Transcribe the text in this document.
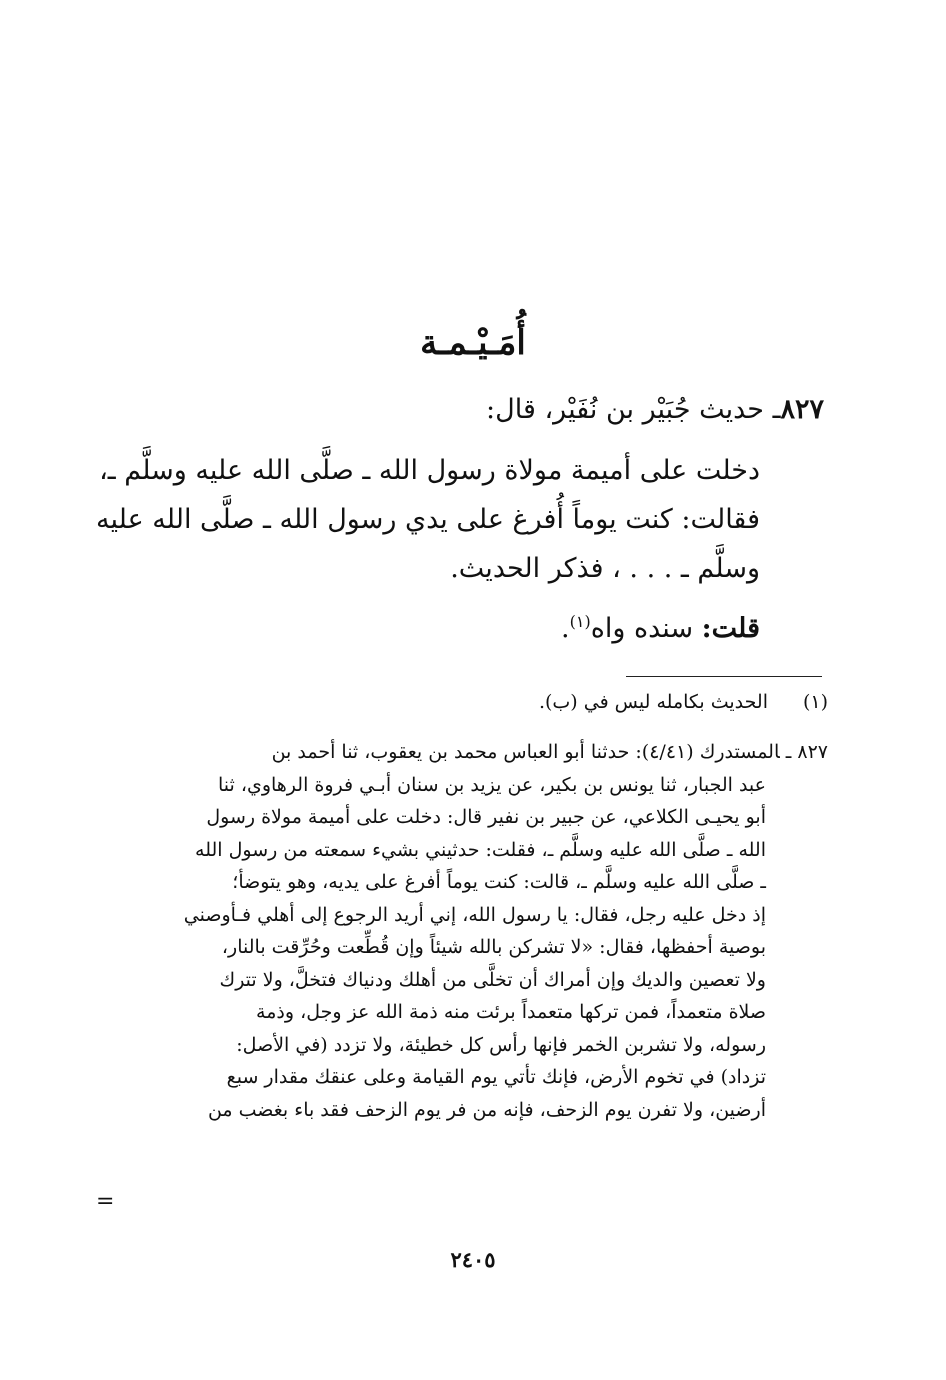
أُمَـيْـمـة
٨٢٧ـ حديث جُبَيْر بن نُفَيْر، قال:

دخلت على أميمة مولاة رسول الله ـ صلَّى الله عليه وسلَّم ـ،

فقالت: كنت يوماً أُفرغ على يدي رسول الله ـ صلَّى الله عليه

وسلَّم ـ . . . ، فذكر الحديث.

قلت: سنده واه$^{(١)}$.
(١)الحديث بكامله ليس في (ب).

٨٢٧ ـالمستدرك (٤/٤١): حدثنا أبو العباس محمد بن يعقوب، ثنا أحمد بن

عبد الجبار، ثنا يونس بن بكير، عن يزيد بن سنان أبـي فروة الرهاوي، ثنا

أبو يحيـى الكلاعي، عن جبير بن نفير قال: دخلت على أميمة مولاة رسول

الله ـ صلَّى الله عليه وسلَّم ـ، فقلت: حدثيني بشيء سمعته من رسول الله

ـ صلَّى الله عليه وسلَّم ـ، قالت: كنت يوماً أفرغ على يديه، وهو يتوضأ؛

إذ دخل عليه رجل، فقال: يا رسول الله، إني أريد الرجوع إلى أهلي فـأوصني

بوصية أحفظها، فقال: «لا تشركن بالله شيئاً وإن قُطِّعت وحُرِّقت بالنار،

ولا تعصين والديك وإن أمراك أن تخلَّى من أهلك ودنياك فتخلَّ، ولا تترك

صلاة متعمداً، فمن تركها متعمداً برئت منه ذمة الله عز وجل، وذمة

رسوله، ولا تشربن الخمر فإنها رأس كل خطيئة، ولا تزدد (في الأصل:

تزداد) في تخوم الأرض، فإنك تأتي يوم القيامة وعلى عنقك مقدار سبع

أرضين، ولا تفرن يوم الزحف، فإنه من فر يوم الزحف فقد باء بغضب من

=
٢٤٠٥
